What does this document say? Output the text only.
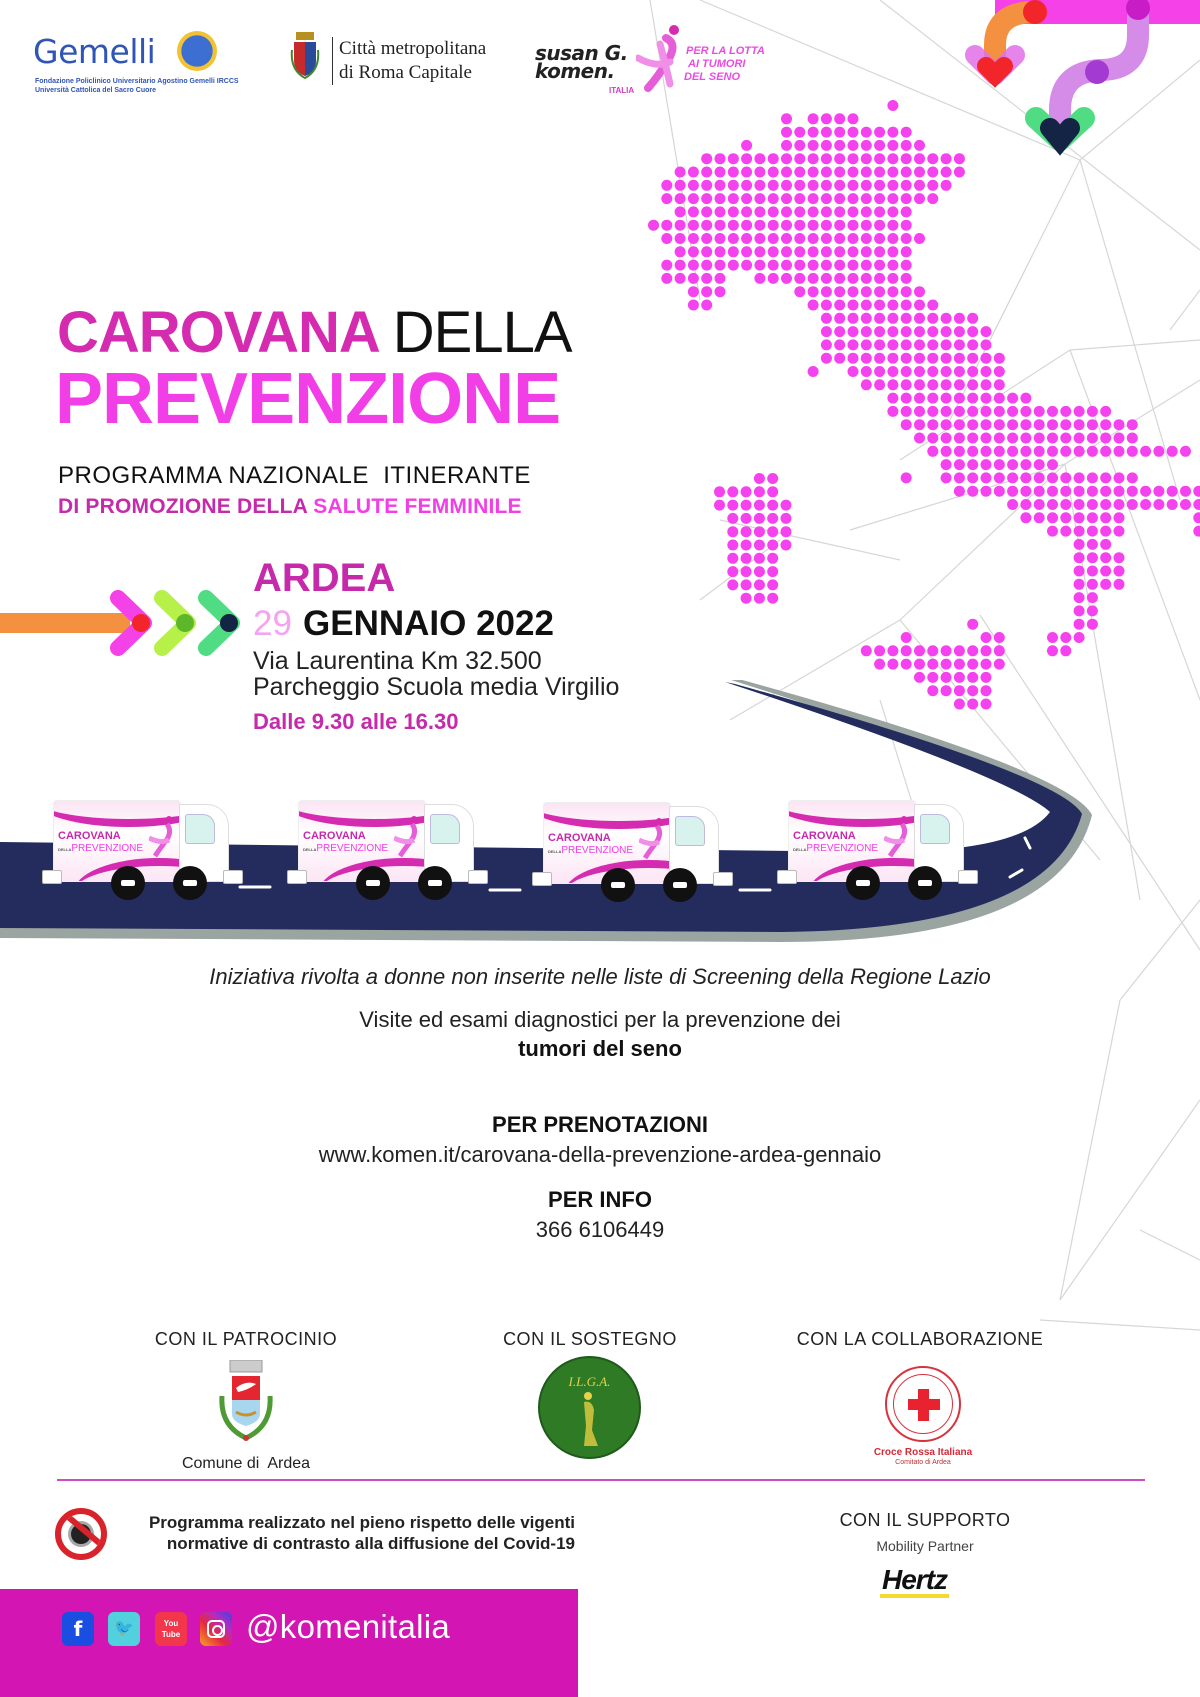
Gemelli
Fondazione Policlinico Universitario Agostino Gemelli IRCCS
Università Cattolica del Sacro Cuore
Città metropolitana
di Roma Capitale
susan G.
komen.
ITALIA
PER LA LOTTA
AI TUMORI
DEL SENO
CAROVANA DELLA
PREVENZIONE
PROGRAMMA NAZIONALE  ITINERANTE
DI PROMOZIONE DELLA SALUTE FEMMINILE
ARDEA
29 GENNAIO 2022
Via Laurentina Km 32.500
Parcheggio Scuola media Virgilio
Dalle 9.30 alle 16.30
CAROVANA
DELLAPREVENZIONE
CAROVANA
DELLAPREVENZIONE
CAROVANA
DELLAPREVENZIONE
CAROVANA
DELLAPREVENZIONE
Iniziativa rivolta a donne non inserite nelle liste di Screening della Regione Lazio
Visite ed esami diagnostici per la prevenzione dei
tumori del seno
PER PRENOTAZIONI
www.komen.it/carovana-della-prevenzione-ardea-gennaio
PER INFO
366 6106449
CON IL PATROCINIO
Comune di  Ardea
CON IL SOSTEGNO
I.L.G.A.
CON LA COLLABORAZIONE
Croce Rossa Italiana
Comitato di Ardea
Programma realizzato nel pieno rispetto delle vigenti
normative di contrasto alla diffusione del Covid-19
CON IL SUPPORTO
Mobility Partner
Hertz
f	🐦	You
Tube @komenitalia
